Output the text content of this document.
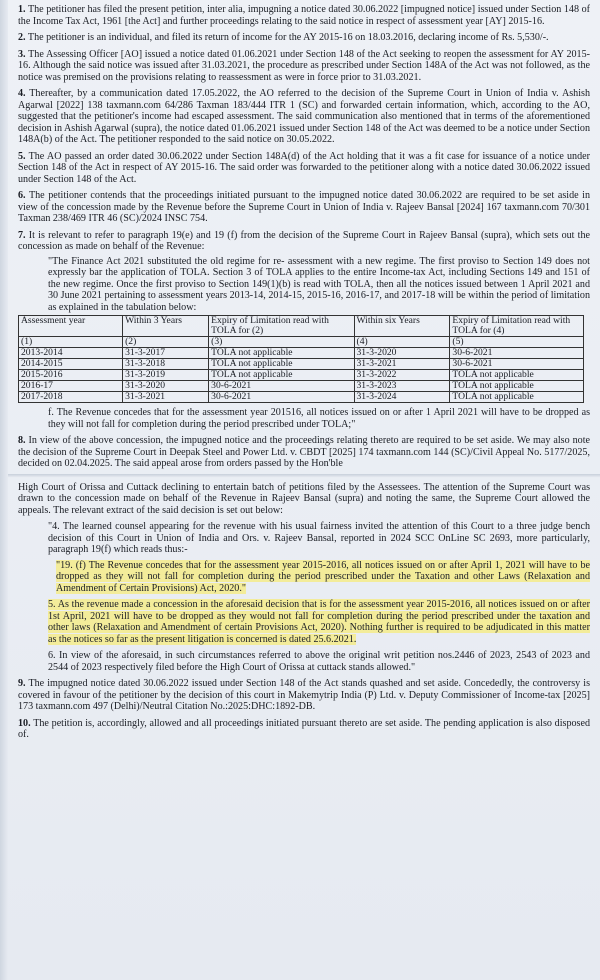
1. The petitioner has filed the present petition, inter alia, impugning a notice dated 30.06.2022 [impugned notice] issued under Section 148 of the Income Tax Act, 1961 [the Act] and further proceedings relating to the said notice in respect of assessment year [AY] 2015-16.

2. The petitioner is an individual, and filed its return of income for the AY 2015-16 on 18.03.2016, declaring income of Rs. 5,530/-.

3. The Assessing Officer [AO] issued a notice dated 01.06.2021 under Section 148 of the Act seeking to reopen the assessment for AY 2015-16. Although the said notice was issued after 31.03.2021, the procedure as prescribed under Section 148A of the Act was not followed, as the notice was premised on the provisions relating to reassessment as were in force prior to 31.03.2021.

4. Thereafter, by a communication dated 17.05.2022, the AO referred to the decision of the Supreme Court in Union of India v. Ashish Agarwal [2022] 138 taxmann.com 64/286 Taxman 183/444 ITR 1 (SC) and forwarded certain information, which, according to the AO, suggested that the petitioner's income had escaped assessment. The said communication also mentioned that in terms of the aforementioned decision in Ashish Agarwal (supra), the notice dated 01.06.2021 issued under Section 148 of the Act was deemed to be a notice under Section 148A(b) of the Act. The petitioner responded to the said notice on 30.05.2022.

5. The AO passed an order dated 30.06.2022 under Section 148A(d) of the Act holding that it was a fit case for issuance of a notice under Section 148 of the Act in respect of AY 2015-16. The said order was forwarded to the petitioner along with a notice dated 30.06.2022 issued under Section 148 of the Act.

6. The petitioner contends that the proceedings initiated pursuant to the impugned notice dated 30.06.2022 are required to be set aside in view of the concession made by the Revenue before the Supreme Court in Union of India v. Rajeev Bansal [2024] 167 taxmann.com 70/301 Taxman 238/469 ITR 46 (SC)/2024 INSC 754.

7. It is relevant to refer to paragraph 19(e) and 19 (f) from the decision of the Supreme Court in Rajeev Bansal (supra), which sets out the concession as made on behalf of the Revenue:

"The Finance Act 2021 substituted the old regime for re- assessment with a new regime. The first proviso to Section 149 does not expressly bar the application of TOLA. Section 3 of TOLA applies to the entire Income-tax Act, including Sections 149 and 151 of the new regime. Once the first proviso to Section 149(1)(b) is read with TOLA, then all the notices issued between 1 April 2021 and 30 June 2021 pertaining to assessment years 2013-14, 2014-15, 2015-16, 2016-17, and 2017-18 will be within the period of limitation as explained in the tabulation below:

Assessment year	Within 3 Years	Expiry of Limitation read with TOLA for (2)	Within six Years	Expiry of Limitation read with TOLA for (4)
(1)	(2)	(3)	(4)	(5)
2013-2014	31-3-2017	TOLA not applicable	31-3-2020	30-6-2021
2014-2015	31-3-2018	TOLA not applicable	31-3-2021	30-6-2021
2015-2016	31-3-2019	TOLA not applicable	31-3-2022	TOLA not applicable
2016-17	31-3-2020	30-6-2021	31-3-2023	TOLA not applicable
2017-2018	31-3-2021	30-6-2021	31-3-2024	TOLA not applicable

f. The Revenue concedes that for the assessment year 201516, all notices issued on or after 1 April 2021 will have to be dropped as they will not fall for completion during the period prescribed under TOLA;"

8. In view of the above concession, the impugned notice and the proceedings relating thereto are required to be set aside. We may also note the decision of the Supreme Court in Deepak Steel and Power Ltd. v. CBDT [2025] 174 taxmann.com 144 (SC)/Civil Appeal No. 5177/2025, decided on 02.04.2025. The said appeal arose from orders passed by the Hon'ble

High Court of Orissa and Cuttack declining to entertain batch of petitions filed by the Assessees. The attention of the Supreme Court was drawn to the concession made on behalf of the Revenue in Rajeev Bansal (supra) and noting the same, the Supreme Court allowed the appeals. The relevant extract of the said decision is set out below:

"4. The learned counsel appearing for the revenue with his usual fairness invited the attention of this Court to a three judge bench decision of this Court in Union of India and Ors. v. Rajeev Bansal, reported in 2024 SCC OnLine SC 2693, more particularly, paragraph 19(f) which reads thus:-

"19. (f) The Revenue concedes that for the assessment year 2015-2016, all notices issued on or after April 1, 2021 will have to be dropped as they will not fall for completion during the period prescribed under the Taxation and other Laws (Relaxation and Amendment of Certain Provisions) Act, 2020."

5. As the revenue made a concession in the aforesaid decision that is for the assessment year 2015-2016, all notices issued on or after 1st April, 2021 will have to be dropped as they would not fall for completion during the period prescribed under the taxation and other laws (Relaxation and Amendment of certain Provisions Act, 2020). Nothing further is required to be adjudicated in this matter as the notices so far as the present litigation is concerned is dated 25.6.2021.

6. In view of the aforesaid, in such circumstances referred to above the original writ petition nos.2446 of 2023, 2543 of 2023 and 2544 of 2023 respectively filed before the High Court of Orissa at cuttack stands allowed."

9. The impugned notice dated 30.06.2022 issued under Section 148 of the Act stands quashed and set aside. Concededly, the controversy is covered in favour of the petitioner by the decision of this court in Makemytrip India (P) Ltd. v. Deputy Commissioner of Income-tax [2025] 173 taxmann.com 497 (Delhi)/Neutral Citation No.:2025:DHC:1892-DB.

10. The petition is, accordingly, allowed and all proceedings initiated pursuant thereto are set aside. The pending application is also disposed of.
